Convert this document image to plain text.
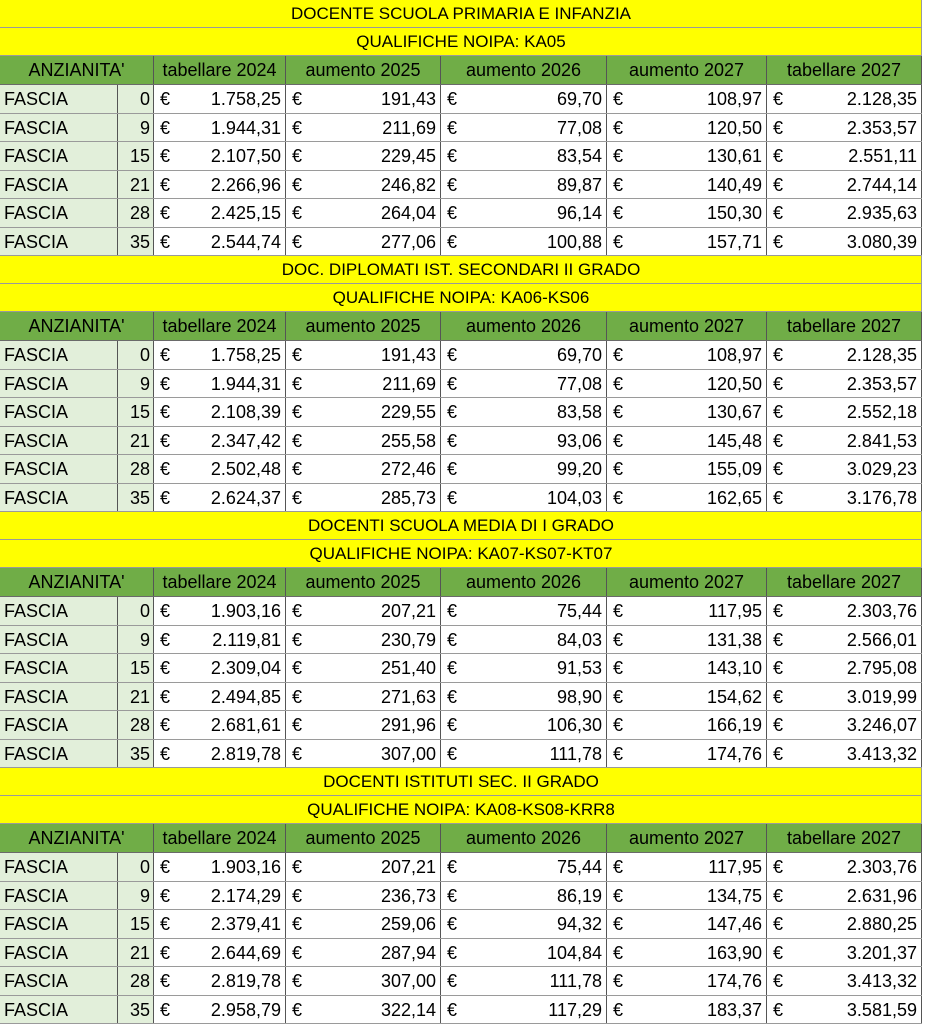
DOCENTE SCUOLA PRIMARIA E INFANZIA
QUALIFICHE NOIPA: KA05
ANZIANITA'	tabellare 2024	aumento 2025	aumento 2026	aumento 2027	tabellare 2027
FASCIA	0 € 1.758,25 €	191,43 €	69,70 €	108,97 €	2.128,35
FASCIA	9 € 1.944,31 €	211,69 €	77,08 €	120,50 €	2.353,57
FASCIA	15 € 2.107,50 €	229,45 €	83,54 €	130,61 €	2.551,11
FASCIA	21 € 2.266,96 €	246,82 €	89,87 €	140,49 €	2.744,14
FASCIA	28 € 2.425,15 €	264,04 €	96,14 €	150,30 €	2.935,63
FASCIA	35 € 2.544,74 €	277,06 €	100,88 €	157,71 €	3.080,39
DOC. DIPLOMATI IST. SECONDARI II GRADO
QUALIFICHE NOIPA: KA06-KS06
ANZIANITA'	tabellare 2024	aumento 2025	aumento 2026	aumento 2027	tabellare 2027
FASCIA	0 € 1.758,25 €	191,43 €	69,70 €	108,97 €	2.128,35
FASCIA	9 € 1.944,31 €	211,69 €	77,08 €	120,50 €	2.353,57
FASCIA	15 € 2.108,39 €	229,55 €	83,58 €	130,67 €	2.552,18
FASCIA	21 € 2.347,42 €	255,58 €	93,06 €	145,48 €	2.841,53
FASCIA	28 € 2.502,48 €	272,46 €	99,20 €	155,09 €	3.029,23
FASCIA	35 € 2.624,37 €	285,73 €	104,03 €	162,65 €	3.176,78
DOCENTI SCUOLA MEDIA DI I GRADO
QUALIFICHE NOIPA: KA07-KS07-KT07
ANZIANITA'	tabellare 2024	aumento 2025	aumento 2026	aumento 2027	tabellare 2027
FASCIA	0 € 1.903,16 €	207,21 €	75,44 €	117,95 €	2.303,76
FASCIA	9 € 2.119,81 €	230,79 €	84,03 €	131,38 €	2.566,01
FASCIA	15 € 2.309,04 €	251,40 €	91,53 €	143,10 €	2.795,08
FASCIA	21 € 2.494,85 €	271,63 €	98,90 €	154,62 €	3.019,99
FASCIA	28 € 2.681,61 €	291,96 €	106,30 €	166,19 €	3.246,07
FASCIA	35 € 2.819,78 €	307,00 €	111,78 €	174,76 €	3.413,32
DOCENTI ISTITUTI SEC. II GRADO
QUALIFICHE NOIPA: KA08-KS08-KRR8
ANZIANITA'	tabellare 2024	aumento 2025	aumento 2026	aumento 2027	tabellare 2027
FASCIA	0 € 1.903,16 €	207,21 €	75,44 €	117,95 €	2.303,76
FASCIA	9 € 2.174,29 €	236,73 €	86,19 €	134,75 €	2.631,96
FASCIA	15 € 2.379,41 €	259,06 €	94,32 €	147,46 €	2.880,25
FASCIA	21 € 2.644,69 €	287,94 €	104,84 €	163,90 €	3.201,37
FASCIA	28 € 2.819,78 €	307,00 €	111,78 €	174,76 €	3.413,32
FASCIA	35 € 2.958,79 €	322,14 €	117,29 €	183,37 €	3.581,59
